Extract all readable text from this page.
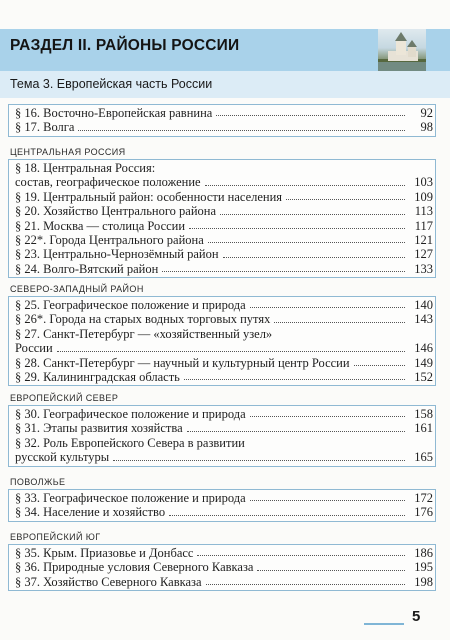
РАЗДЕЛ II. РАЙОНЫ РОССИИ
Тема 3. Европейская часть России
§ 16. Восточно-Европейская равнина	92
§ 17. Волга	98
ЦЕНТРАЛЬНАЯ РОССИЯ
§ 18. Центральная Россия:
состав, географическое положение	103
§ 19. Центральный район: особенности населения	109
§ 20. Хозяйство Центрального района	113
§ 21. Москва — столица России	117
§ 22*. Города Центрального района	121
§ 23. Центрально-Чернозёмный район	127
§ 24. Волго-Вятский район	133
СЕВЕРО-ЗАПАДНЫЙ РАЙОН
§ 25. Географическое положение и природа	140
§ 26*. Города на старых водных торговых путях	143
§ 27. Санкт-Петербург — «хозяйственный узел»
России	146
§ 28. Санкт-Петербург — научный и культурный центр России	149
§ 29. Калининградская область	152
ЕВРОПЕЙСКИЙ СЕВЕР
§ 30. Географическое положение и природа	158
§ 31. Этапы развития хозяйства	161
§ 32. Роль Европейского Севера в развитии
русской культуры	165
ПОВОЛЖЬЕ
§ 33. Географическое положение и природа	172
§ 34. Население и хозяйство	176
ЕВРОПЕЙСКИЙ ЮГ
§ 35. Крым. Приазовье и Донбасс	186
§ 36. Природные условия Северного Кавказа	195
§ 37. Хозяйство Северного Кавказа	198
5
